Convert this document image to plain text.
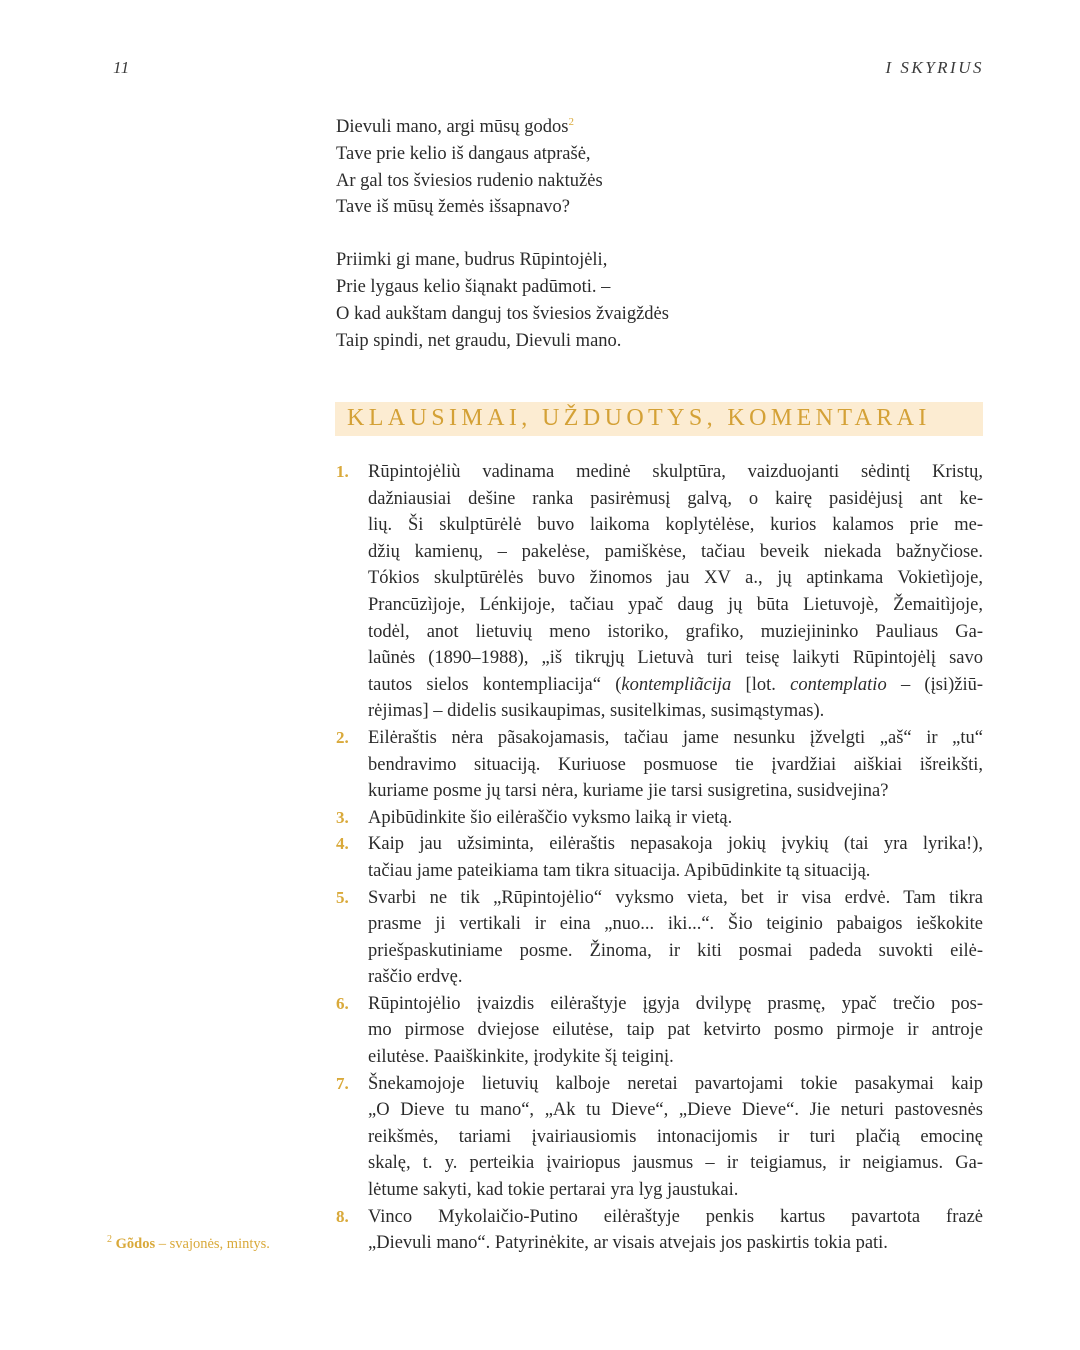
11	I SKYRIUS
Dievuli mano, argi mūsų godos$^2$
Tave prie kelio iš dangaus atprašė,
Ar gal tos šviesios rudenio naktužės
Tave iš mūsų žemės išsapnavo?
Priimki gi mane, budrus Rūpintojėli,
Prie lygaus kelio šiąnakt padūmoti. –
O kad aukštam danguj tos šviesios žvaigždės
Taip spindi, net graudu, Dievuli mano.
KLAUSIMAI, UŽDUOTYS, KOMENTARAI
1. Rūpintojėliù vadinama medinė skulptūra, vaizduojanti sėdintį Kristų,
dažniausiai dešine ranka pasirėmusį galvą, o kairę pasidėjusį ant ke-
lių. Ši skulptūrėlė buvo laikoma koplytėlėse, kurios kalamos prie me-
džių kamienų, – pakelėse, pamiškėse, tačiau beveik niekada bažnyčiose.
Tókios skulptūrėlės buvo žinomos jau XV a., jų aptinkama Vokietìjoje,
Prancūzìjoje, Lénkijoje, tačiau ypač daug jų būta Lietuvojè, Žemaitìjoje,
todėl, anot lietuvių meno istoriko, grafiko, muziejininko Pauliaus Ga-
laũnės (1890–1988), „iš tikrųjų Lietuvà turi teisę laikyti Rūpintojėlį savo
tautos sielos kontempliacija“ (kontempliãcija [lot. contemplatio – (įsi)žiū-
rėjimas] – didelis susikaupimas, susitelkimas, susimąstymas).
2. Eilėraštis nėra pãsakojamasis, tačiau jame nesunku įžvelgti „aš“ ir „tu“
bendravimo situaciją. Kuriuose posmuose tie įvardžiai aiškiai išreikšti,
kuriame posme jų tarsi nėra, kuriame jie tarsi susigretina, susidvejina?
3. Apibūdinkite šio eilėraščio vyksmo laiką ir vietą.
4. Kaip jau užsiminta, eilėraštis nepasakoja jokių įvykių (tai yra lyrika!),
tačiau jame pateikiama tam tikra situacija. Apibūdinkite tą situaciją.
5. Svarbi ne tik „Rūpintojėlio“ vyksmo vieta, bet ir visa erdvė. Tam tikra
prasme ji vertikali ir eina „nuo... iki...“. Šio teiginio pabaigos ieškokite
priešpaskutiniame posme. Žinoma, ir kiti posmai padeda suvokti eilė-
raščio erdvę.
6. Rūpintojėlio įvaizdis eilėraštyje įgyja dvilypę prasmę, ypač trečio pos-
mo pirmose dviejose eilutėse, taip pat ketvirto posmo pirmoje ir antroje
eilutėse. Paaiškinkite, įrodykite šį teiginį.
7. Šnekamojoje lietuvių kalboje neretai pavartojami tokie pasakymai kaip
„O Dieve tu mano“, „Ak tu Dieve“, „Dieve Dieve“. Jie neturi pastovesnės
reikšmės, tariami įvairiausiomis intonacijomis ir turi plačią emocinę
skalę, t. y. perteikia įvairiopus jausmus – ir teigiamus, ir neigiamus. Ga-
lėtume sakyti, kad tokie pertarai yra lyg jaustukai.
8. Vinco Mykolaičio-Putino eilėraštyje penkis kartus pavartota frazė
„Dievuli mano“. Patyrinėkite, ar visais atvejais jos paskirtis tokia pati.
$^2$ Gõdos – svajonės, mintys.
